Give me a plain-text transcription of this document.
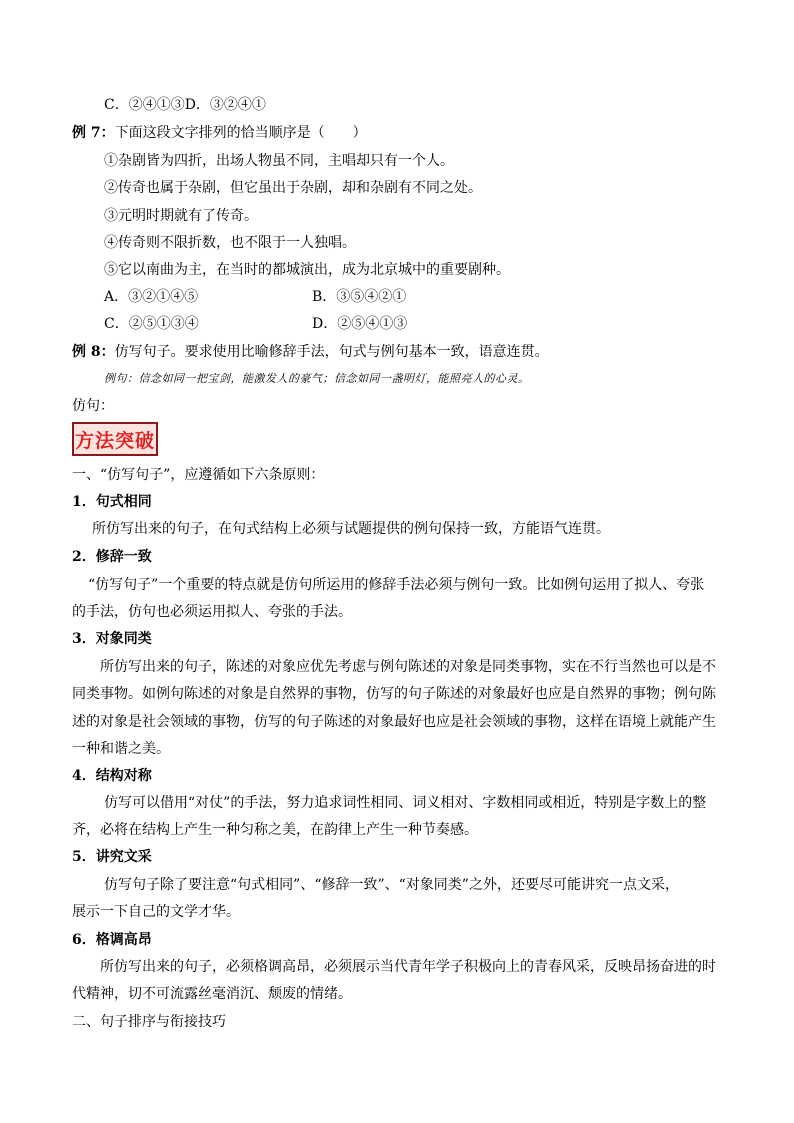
C．②④①③D．③②④①
例 7：下面这段文字排列的恰当顺序是（　　）
①杂剧皆为四折，出场人物虽不同，主唱却只有一个人。
②传奇也属于杂剧，但它虽出于杂剧，却和杂剧有不同之处。
③元明时期就有了传奇。
④传奇则不限折数，也不限于一人独唱。
⑤它以南曲为主，在当时的都城演出，成为北京城中的重要剧种。
A．③②①④⑤	B．③⑤④②①
C．②⑤①③④	D．②⑤④①③
例 8：仿写句子。要求使用比喻修辞手法，句式与例句基本一致，语意连贯。
例句：信念如同一把宝剑，能激发人的豪气；信念如同一盏明灯，能照亮人的心灵。
仿句：
方法突破
一、“仿写句子”，应遵循如下六条原则：
1．句式相同
所仿写出来的句子，在句式结构上必须与试题提供的例句保持一致，方能语气连贯。
2．修辞一致
“仿写句子”一个重要的特点就是仿句所运用的修辞手法必须与例句一致。比如例句运用了拟人、夸张
的手法，仿句也必须运用拟人、夸张的手法。
3．对象同类
所仿写出来的句子，陈述的对象应优先考虑与例句陈述的对象是同类事物，实在不行当然也可以是不
同类事物。如例句陈述的对象是自然界的事物，仿写的句子陈述的对象最好也应是自然界的事物；例句陈
述的对象是社会领域的事物，仿写的句子陈述的对象最好也应是社会领域的事物，这样在语境上就能产生
一种和谐之美。
4．结构对称
仿写可以借用“对仗”的手法，努力追求词性相同、词义相对、字数相同或相近，特别是字数上的整
齐，必将在结构上产生一种匀称之美，在韵律上产生一种节奏感。
5．讲究文采
仿写句子除了要注意“句式相同”、“修辞一致”、“对象同类”之外，还要尽可能讲究一点文采，
展示一下自己的文学才华。
6．格调高昂
所仿写出来的句子，必须格调高昂，必须展示当代青年学子积极向上的青春风采，反映昂扬奋进的时
代精神，切不可流露丝毫消沉、颓废的情绪。
二、句子排序与衔接技巧
